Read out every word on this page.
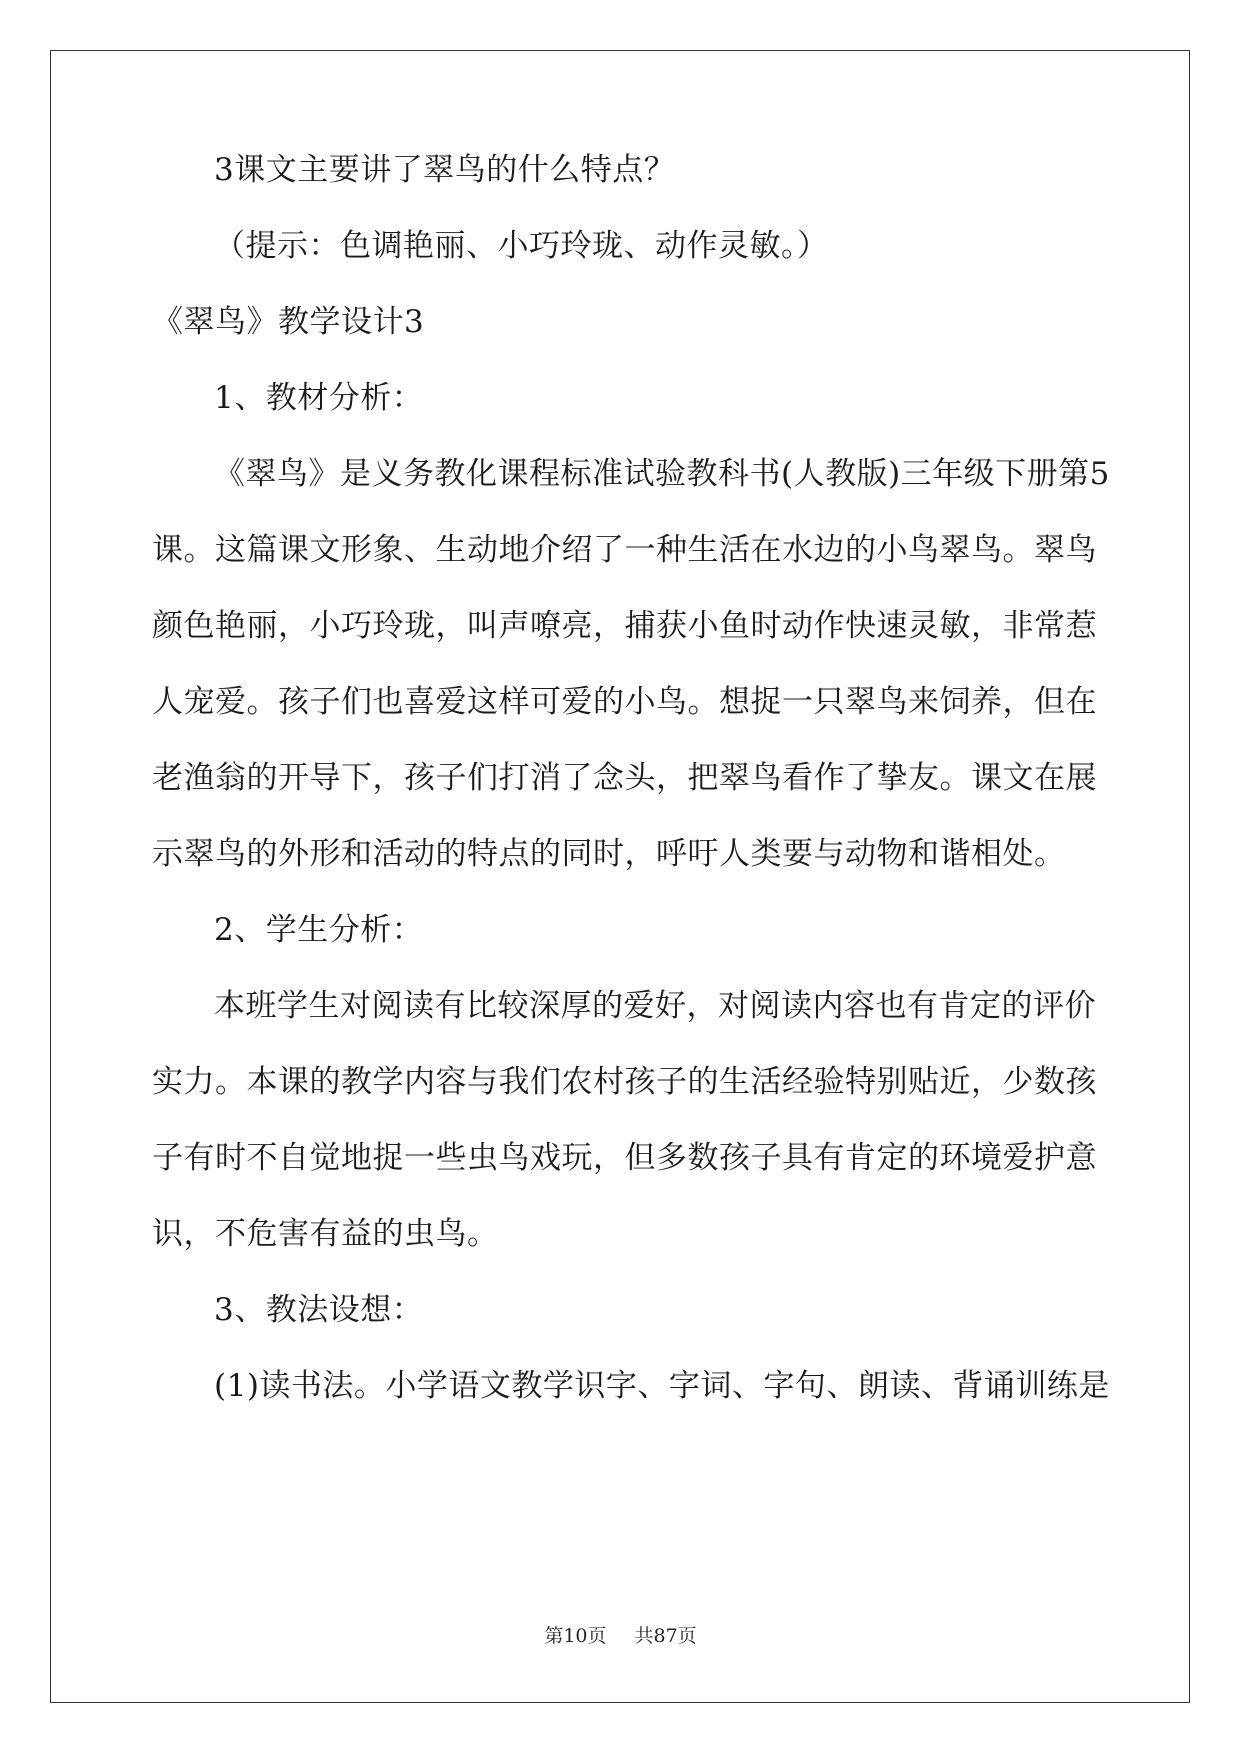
3课文主要讲了翠鸟的什么特点？
（提示：色调艳丽、小巧玲珑、动作灵敏。）
《翠鸟》教学设计3
1、教材分析：
《翠鸟》是义务教化课程标准试验教科书(人教版)三年级下册第5
课。这篇课文形象、生动地介绍了一种生活在水边的小鸟翠鸟。翠鸟
颜色艳丽，小巧玲珑，叫声嘹亮，捕获小鱼时动作快速灵敏，非常惹
人宠爱。孩子们也喜爱这样可爱的小鸟。想捉一只翠鸟来饲养，但在
老渔翁的开导下，孩子们打消了念头，把翠鸟看作了挚友。课文在展
示翠鸟的外形和活动的特点的同时，呼吁人类要与动物和谐相处。
2、学生分析：
本班学生对阅读有比较深厚的爱好，对阅读内容也有肯定的评价
实力。本课的教学内容与我们农村孩子的生活经验特别贴近，少数孩
子有时不自觉地捉一些虫鸟戏玩，但多数孩子具有肯定的环境爱护意
识，不危害有益的虫鸟。
3、教法设想：
(1)读书法。小学语文教学识字、字词、字句、朗读、背诵训练是
第10页 共87页
